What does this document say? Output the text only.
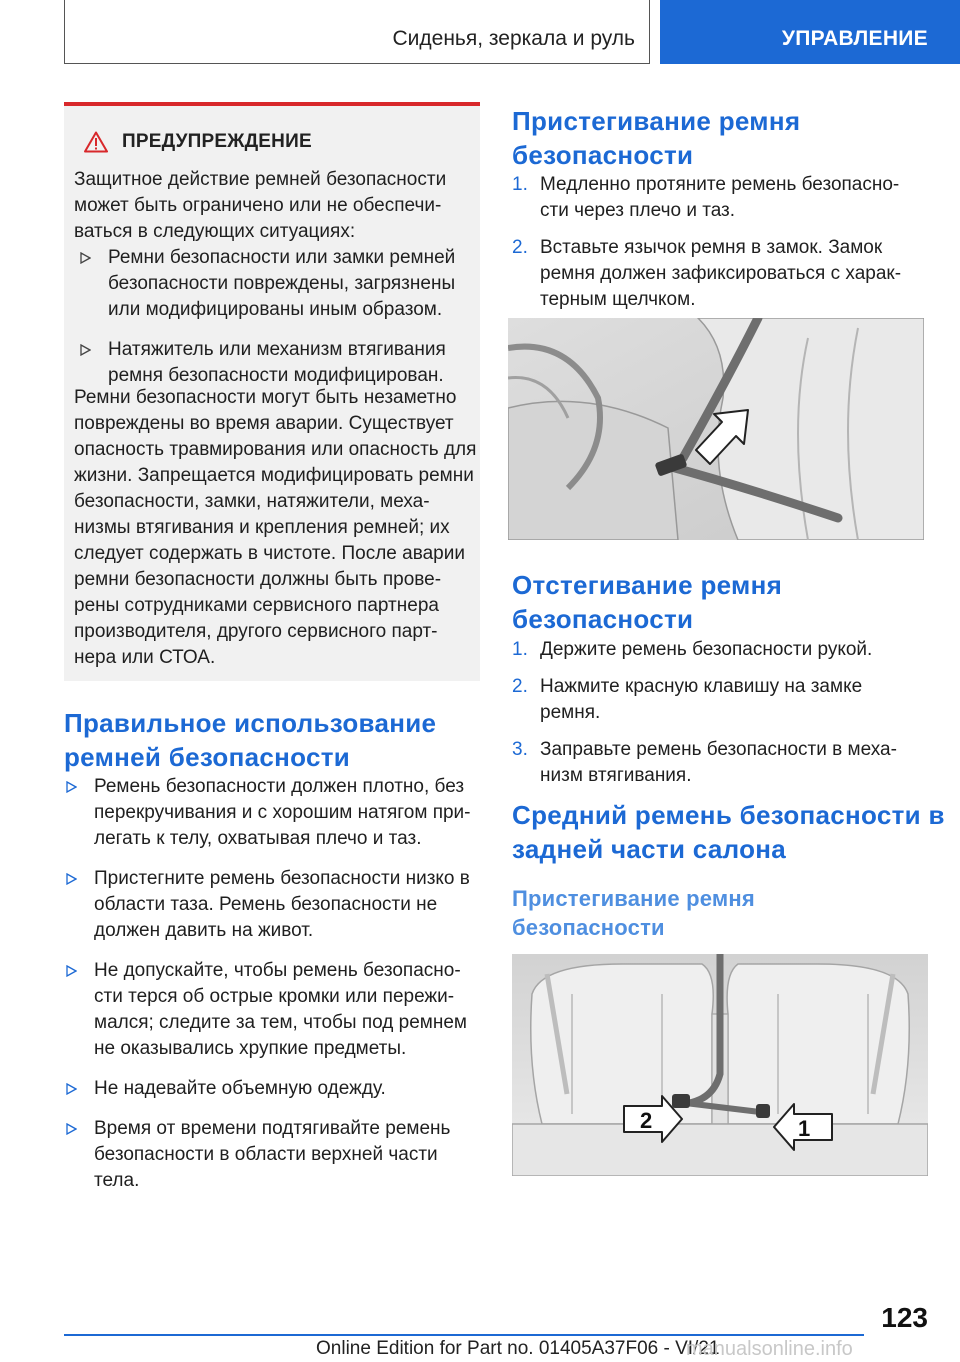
Сиденья, зеркала и руль	УПРАВЛЕНИЕ
ПРЕДУПРЕЖДЕНИЕ
Защитное действие ремней безопасности может быть ограничено или не обеспечи-ваться в следующих ситуациях:
Ремни безопасности или замки ремней безопасности повреждены, загрязнены или модифицированы иным образом.
Натяжитель или механизм втягивания ремня безопасности модифицирован.
Ремни безопасности могут быть незаметно повреждены во время аварии. Существует опасность травмирования или опасность для жизни. Запрещается модифицировать ремни безопасности, замки, натяжители, меха-низмы втягивания и крепления ремней; их следует содержать в чистоте. После аварии ремни безопасности должны быть прове-рены сотрудниками сервисного партнера производителя, другого сервисного парт-нера или СТОА.
Правильное использование ремней безопасности
Ремень безопасности должен плотно, без перекручивания и с хорошим натягом при-легать к телу, охватывая плечо и таз.
Пристегните ремень безопасности низко в области таза. Ремень безопасности не должен давить на живот.
Не допускайте, чтобы ремень безопасно-сти терся об острые кромки или пережи-мался; следите за тем, чтобы под ремнем не оказывались хрупкие предметы.
Не надевайте объемную одежду.
Время от времени подтягивайте ремень безопасности в области верхней части тела.
Пристегивание ремня безопасности
1. Медленно протяните ремень безопасно-сти через плечо и таз.
2. Вставьте язычок ремня в замок. Замок ремня должен зафиксироваться с харак-терным щелчком.
Отстегивание ремня безопасности
1. Держите ремень безопасности рукой.
2. Нажмите красную клавишу на замке ремня.
3. Заправьте ремень безопасности в меха-низм втягивания.
Средний ремень безопасности в задней части салона
Пристегивание ремня безопасности
2	1
123
Online Edition for Part no. 01405A37F06 - VI/21
manualsonline.info
